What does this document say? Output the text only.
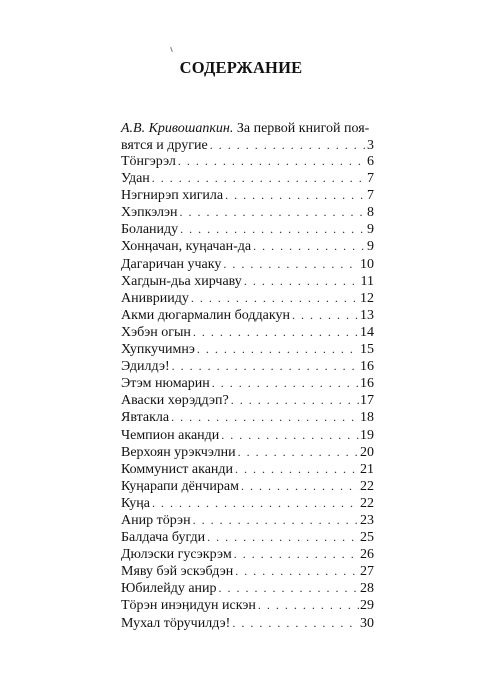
СОДЕРЖАНИЕ
А.В. Кривошапкин. За первой книгой поя-
вятся и другие . . .	3
Тӧнгэрэл . . .	6
Удан . . .	7
Нэгнирэп хигила . . .	7
Хэпкэлэн . . .	8
Боланиду . . .	9
Хонӊачан, куӊачан-да . . .	9
Дагаричан учаку . . .	10
Хагдын-дьа хирчаву . . .	11
Аниврииду . . .	12
Акми дюгармалин боддакун . . .	13
Хэбэн огын . . .	14
Хупкучимнэ . . .	15
Эдилдэ! . . .	16
Этэм нюмарин . . .	16
Аваски хөрэддэп? . . .	17
Явтакла . . .	18
Чемпион аканди . . .	19
Верхоян урэкчэлни . . .	20
Коммунист аканди . . .	21
Куӊарапи дёнчирам . . .	22
Куӊа . . .	22
Анир тӧрэн . . .	23
Балдача бугди . . .	25
Дюлэски гусэкрэм . . .	26
Мяву бэй эскэбдэн . . .	27
Юбилейду анир . . .	28
Тӧрэн инэӊидун искэн . . .	29
Мухал тӧручилдэ! . . .	30
